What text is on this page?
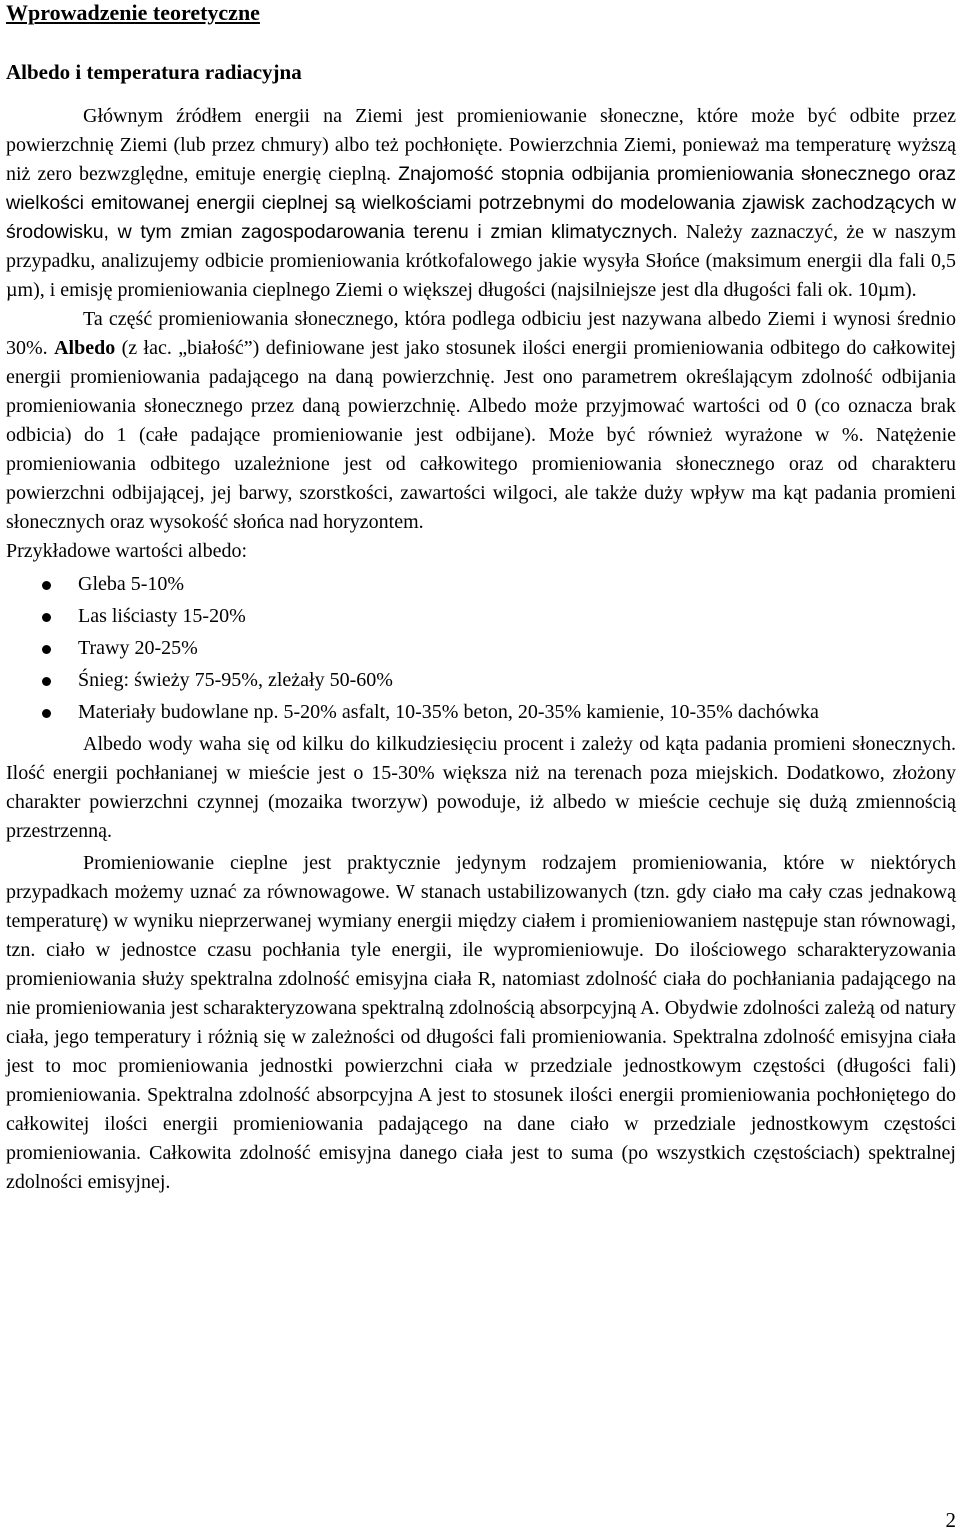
Wprowadzenie teoretyczne
Albedo i temperatura radiacyjna

Głównym źródłem energii na Ziemi jest promieniowanie słoneczne, które może być odbite przez powierzchnię Ziemi (lub przez chmury) albo też pochłonięte. Powierzchnia Ziemi, ponieważ ma temperaturę wyższą niż zero bezwzględne, emituje energię cieplną. Znajomość stopnia odbijania promieniowania słonecznego oraz wielkości emitowanej energii cieplnej są wielkościami potrzebnymi do modelowania zjawisk zachodzących w środowisku, w tym zmian zagospodarowania terenu i zmian klimatycznych. Należy zaznaczyć, że w naszym przypadku, analizujemy odbicie promieniowania krótkofalowego jakie wysyła Słońce (maksimum energii dla fali 0,5 µm), i emisję promieniowania cieplnego Ziemi o większej długości (najsilniejsze jest dla długości fali ok. 10µm).

Ta część promieniowania słonecznego, która podlega odbiciu jest nazywana albedo Ziemi i wynosi średnio 30%. Albedo (z łac. „białość”) definiowane jest jako stosunek ilości energii promieniowania odbitego do całkowitej energii promieniowania padającego na daną powierzchnię. Jest ono parametrem określającym zdolność odbijania promieniowania słonecznego przez daną powierzchnię. Albedo może przyjmować wartości od 0 (co oznacza brak odbicia) do 1 (całe padające promieniowanie jest odbijane). Może być również wyrażone w %. Natężenie promieniowania odbitego uzależnione jest od całkowitego promieniowania słonecznego oraz od charakteru powierzchni odbijającej, jej barwy, szorstkości, zawartości wilgoci, ale także duży wpływ ma kąt padania promieni słonecznych oraz wysokość słońca nad horyzontem.

Przykładowe wartości albedo:

Gleba 5-10%
Las liściasty 15-20%
Trawy 20-25%
Śnieg: świeży 75-95%, zleżały 50-60%
Materiały budowlane np. 5-20% asfalt, 10-35% beton, 20-35% kamienie, 10-35% dachówka

Albedo wody waha się od kilku do kilkudziesięciu procent i zależy od kąta padania promieni słonecznych. Ilość energii pochłanianej w mieście jest o 15-30% większa niż na terenach poza miejskich. Dodatkowo, złożony charakter powierzchni czynnej (mozaika tworzyw) powoduje, iż albedo w mieście cechuje się dużą zmiennością przestrzenną.

Promieniowanie cieplne jest praktycznie jedynym rodzajem promieniowania, które w niektórych przypadkach możemy uznać za równowagowe. W stanach ustabilizowanych (tzn. gdy ciało ma cały czas jednakową temperaturę) w wyniku nieprzerwanej wymiany energii między ciałem i promieniowaniem następuje stan równowagi, tzn. ciało w jednostce czasu pochłania tyle energii, ile wypromieniowuje. Do ilościowego scharakteryzowania promieniowania służy spektralna zdolność emisyjna ciała R, natomiast zdolność ciała do pochłaniania padającego na nie promieniowania jest scharakteryzowana spektralną zdolnością absorpcyjną A. Obydwie zdolności zależą od natury ciała, jego temperatury i różnią się w zależności od długości fali promieniowania. Spektralna zdolność emisyjna ciała jest to moc promieniowania jednostki powierzchni ciała w przedziale jednostkowym częstości (długości fali) promieniowania. Spektralna zdolność absorpcyjna A jest to stosunek ilości energii promieniowania pochłoniętego do całkowitej ilości energii promieniowania padającego na dane ciało w przedziale jednostkowym częstości promieniowania. Całkowita zdolność emisyjna danego ciała jest to suma (po wszystkich częstościach) spektralnej zdolności emisyjnej.

2
